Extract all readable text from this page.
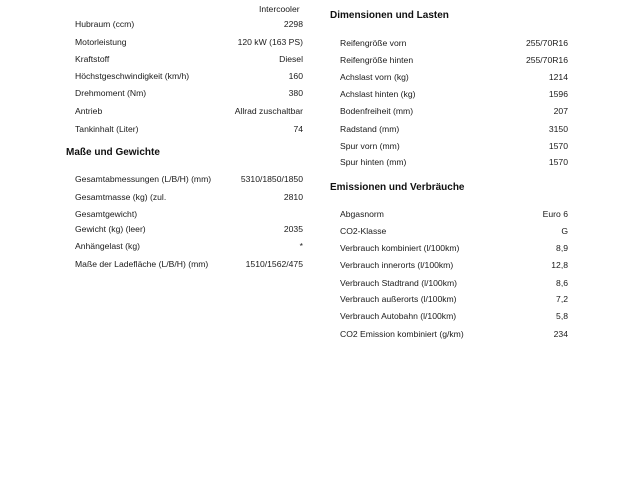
Intercooler
Hubraum (ccm)	2298
Motorleistung	120 kW (163 PS)
Kraftstoff	Diesel
Höchstgeschwindigkeit (km/h)	160
Drehmoment (Nm)	380
Antrieb	Allrad zuschaltbar
Tankinhalt (Liter)	74
Maße und Gewichte
Gesamtabmessungen (L/B/H) (mm)	5310/1850/1850
Gesamtmasse (kg) (zul.	2810
Gesamtgewicht)
Gewicht (kg) (leer)	2035
Anhängelast (kg)	*
Maße der Ladefläche (L/B/H) (mm)	1510/1562/475
Dimensionen und Lasten
Reifengröße vorn	255/70R16
Reifengröße hinten	255/70R16
Achslast vorn (kg)	1214
Achslast hinten (kg)	1596
Bodenfreiheit (mm)	207
Radstand (mm)	3150
Spur vorn (mm)	1570
Spur hinten (mm)	1570
Emissionen und Verbräuche
Abgasnorm	Euro 6
CO2-Klasse	G
Verbrauch kombiniert (l/100km)	8,9
Verbrauch innerorts (l/100km)	12,8
Verbrauch Stadtrand (l/100km)	8,6
Verbrauch außerorts (l/100km)	7,2
Verbrauch Autobahn (l/100km)	5,8
CO2 Emission kombiniert (g/km)	234
